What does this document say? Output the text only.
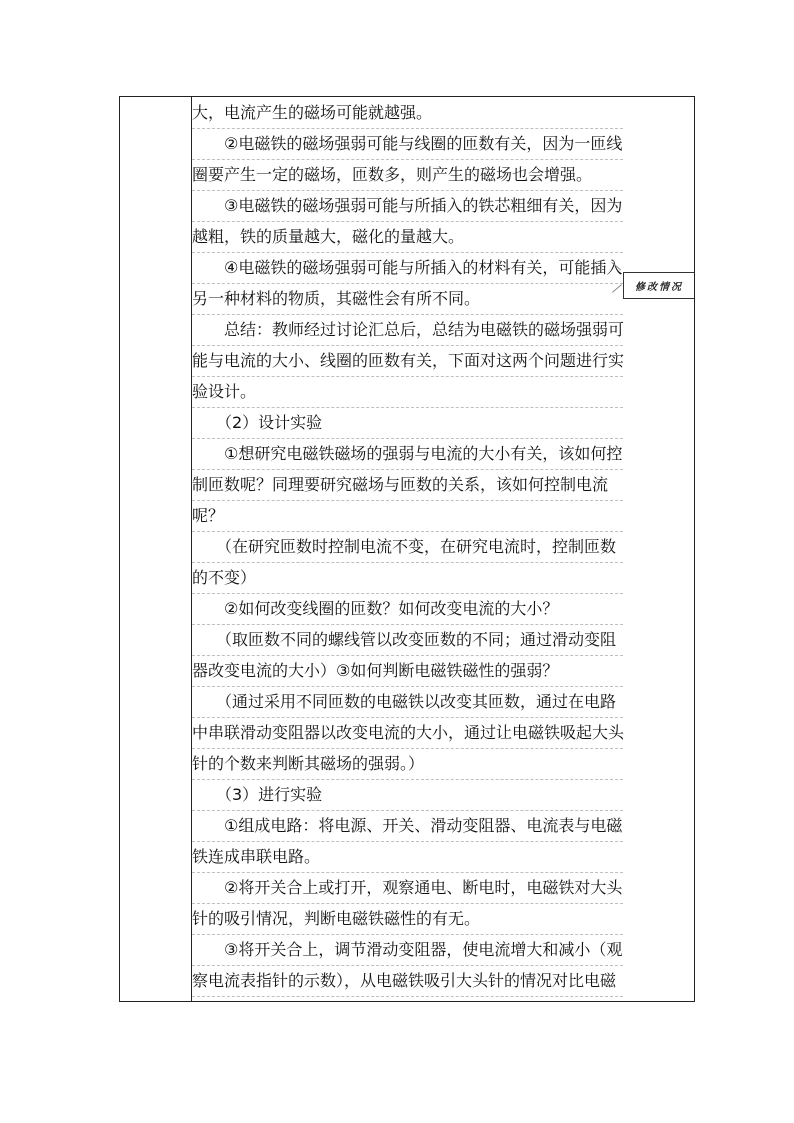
大，电流产生的磁场可能就越强。
　　②电磁铁的磁场强弱可能与线圈的匝数有关，因为一匝线
圈要产生一定的磁场，匝数多，则产生的磁场也会增强。
　　③电磁铁的磁场强弱可能与所插入的铁芯粗细有关，因为
越粗，铁的质量越大，磁化的量越大。
　　④电磁铁的磁场强弱可能与所插入的材料有关，可能插入
另一种材料的物质，其磁性会有所不同。
　　总结：教师经过讨论汇总后，总结为电磁铁的磁场强弱可
能与电流的大小、线圈的匝数有关，下面对这两个问题进行实
验设计。
　　（2）设计实验
　　①想研究电磁铁磁场的强弱与电流的大小有关，该如何控
制匝数呢？同理要研究磁场与匝数的关系，该如何控制电流
呢？
　　（在研究匝数时控制电流不变，在研究电流时，控制匝数
的不变）
　　②如何改变线圈的匝数？如何改变电流的大小？
　　（取匝数不同的螺线管以改变匝数的不同；通过滑动变阻
器改变电流的大小）③如何判断电磁铁磁性的强弱？
　　（通过采用不同匝数的电磁铁以改变其匝数，通过在电路
中串联滑动变阻器以改变电流的大小，通过让电磁铁吸起大头
针的个数来判断其磁场的强弱。）
　　（3）进行实验
　　①组成电路：将电源、开关、滑动变阻器、电流表与电磁
铁连成串联电路。
　　②将开关合上或打开，观察通电、断电时，电磁铁对大头
针的吸引情况，判断电磁铁磁性的有无。
　　③将开关合上，调节滑动变阻器，使电流增大和减小（观
察电流表指针的示数），从电磁铁吸引大头针的情况对比电磁
修改情况
